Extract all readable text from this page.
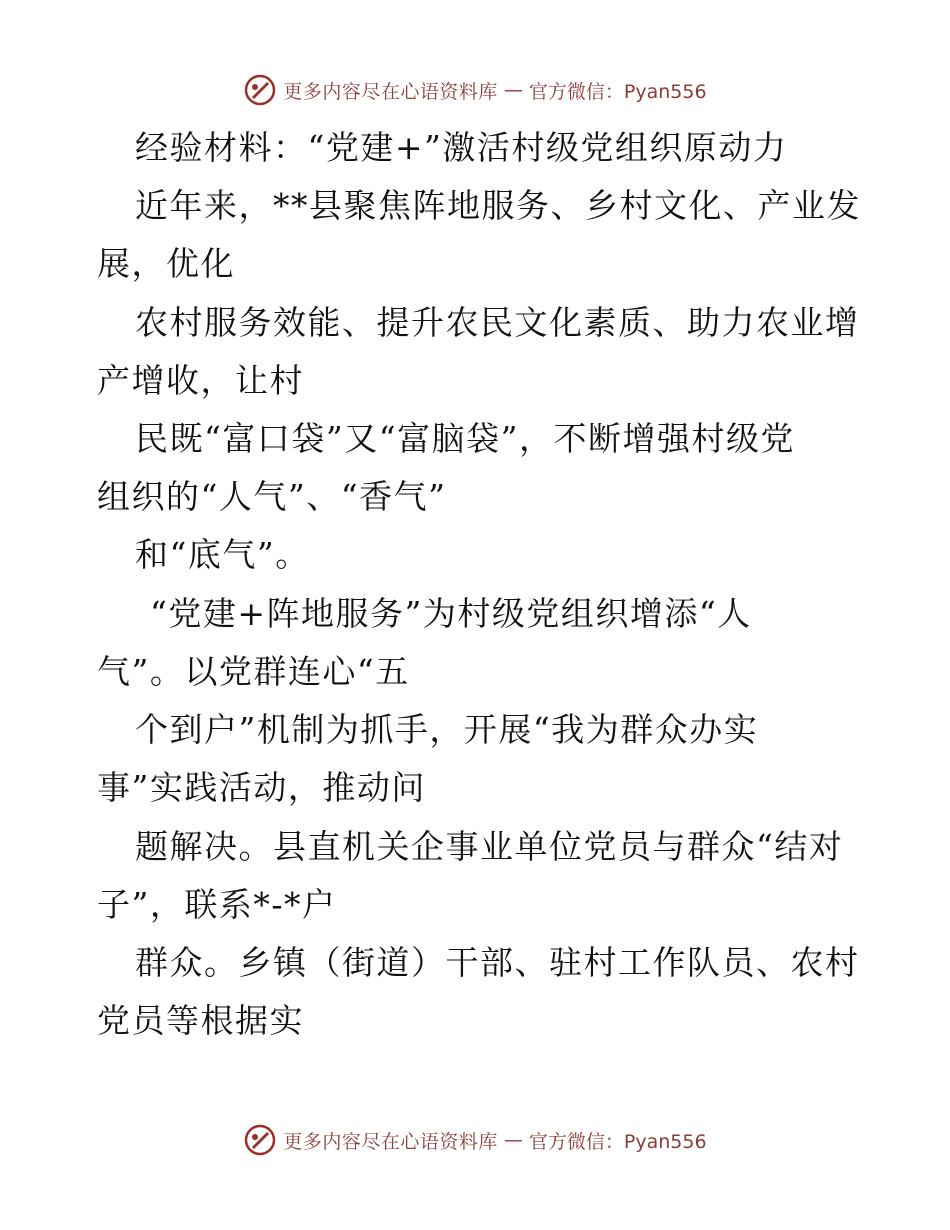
更多内容尽在心语资料库 — 官方微信：Pyan556
经验材料：“党建+”激活村级党组织原动力
近年来，**县聚焦阵地服务、乡村文化、产业发
展，优化
农村服务效能、提升农民文化素质、助力农业增
产增收，让村
民既“富口袋”又“富脑袋”，不断增强村级党
组织的“人气”、“香气”
和“底气”。
“党建+阵地服务”为村级党组织增添“人
气”。以党群连心“五
个到户”机制为抓手，开展“我为群众办实
事”实践活动，推动问
题解决。县直机关企事业单位党员与群众“结对
子”，联系*-*户
群众。乡镇（街道）干部、驻村工作队员、农村
党员等根据实
更多内容尽在心语资料库 — 官方微信：Pyan556
